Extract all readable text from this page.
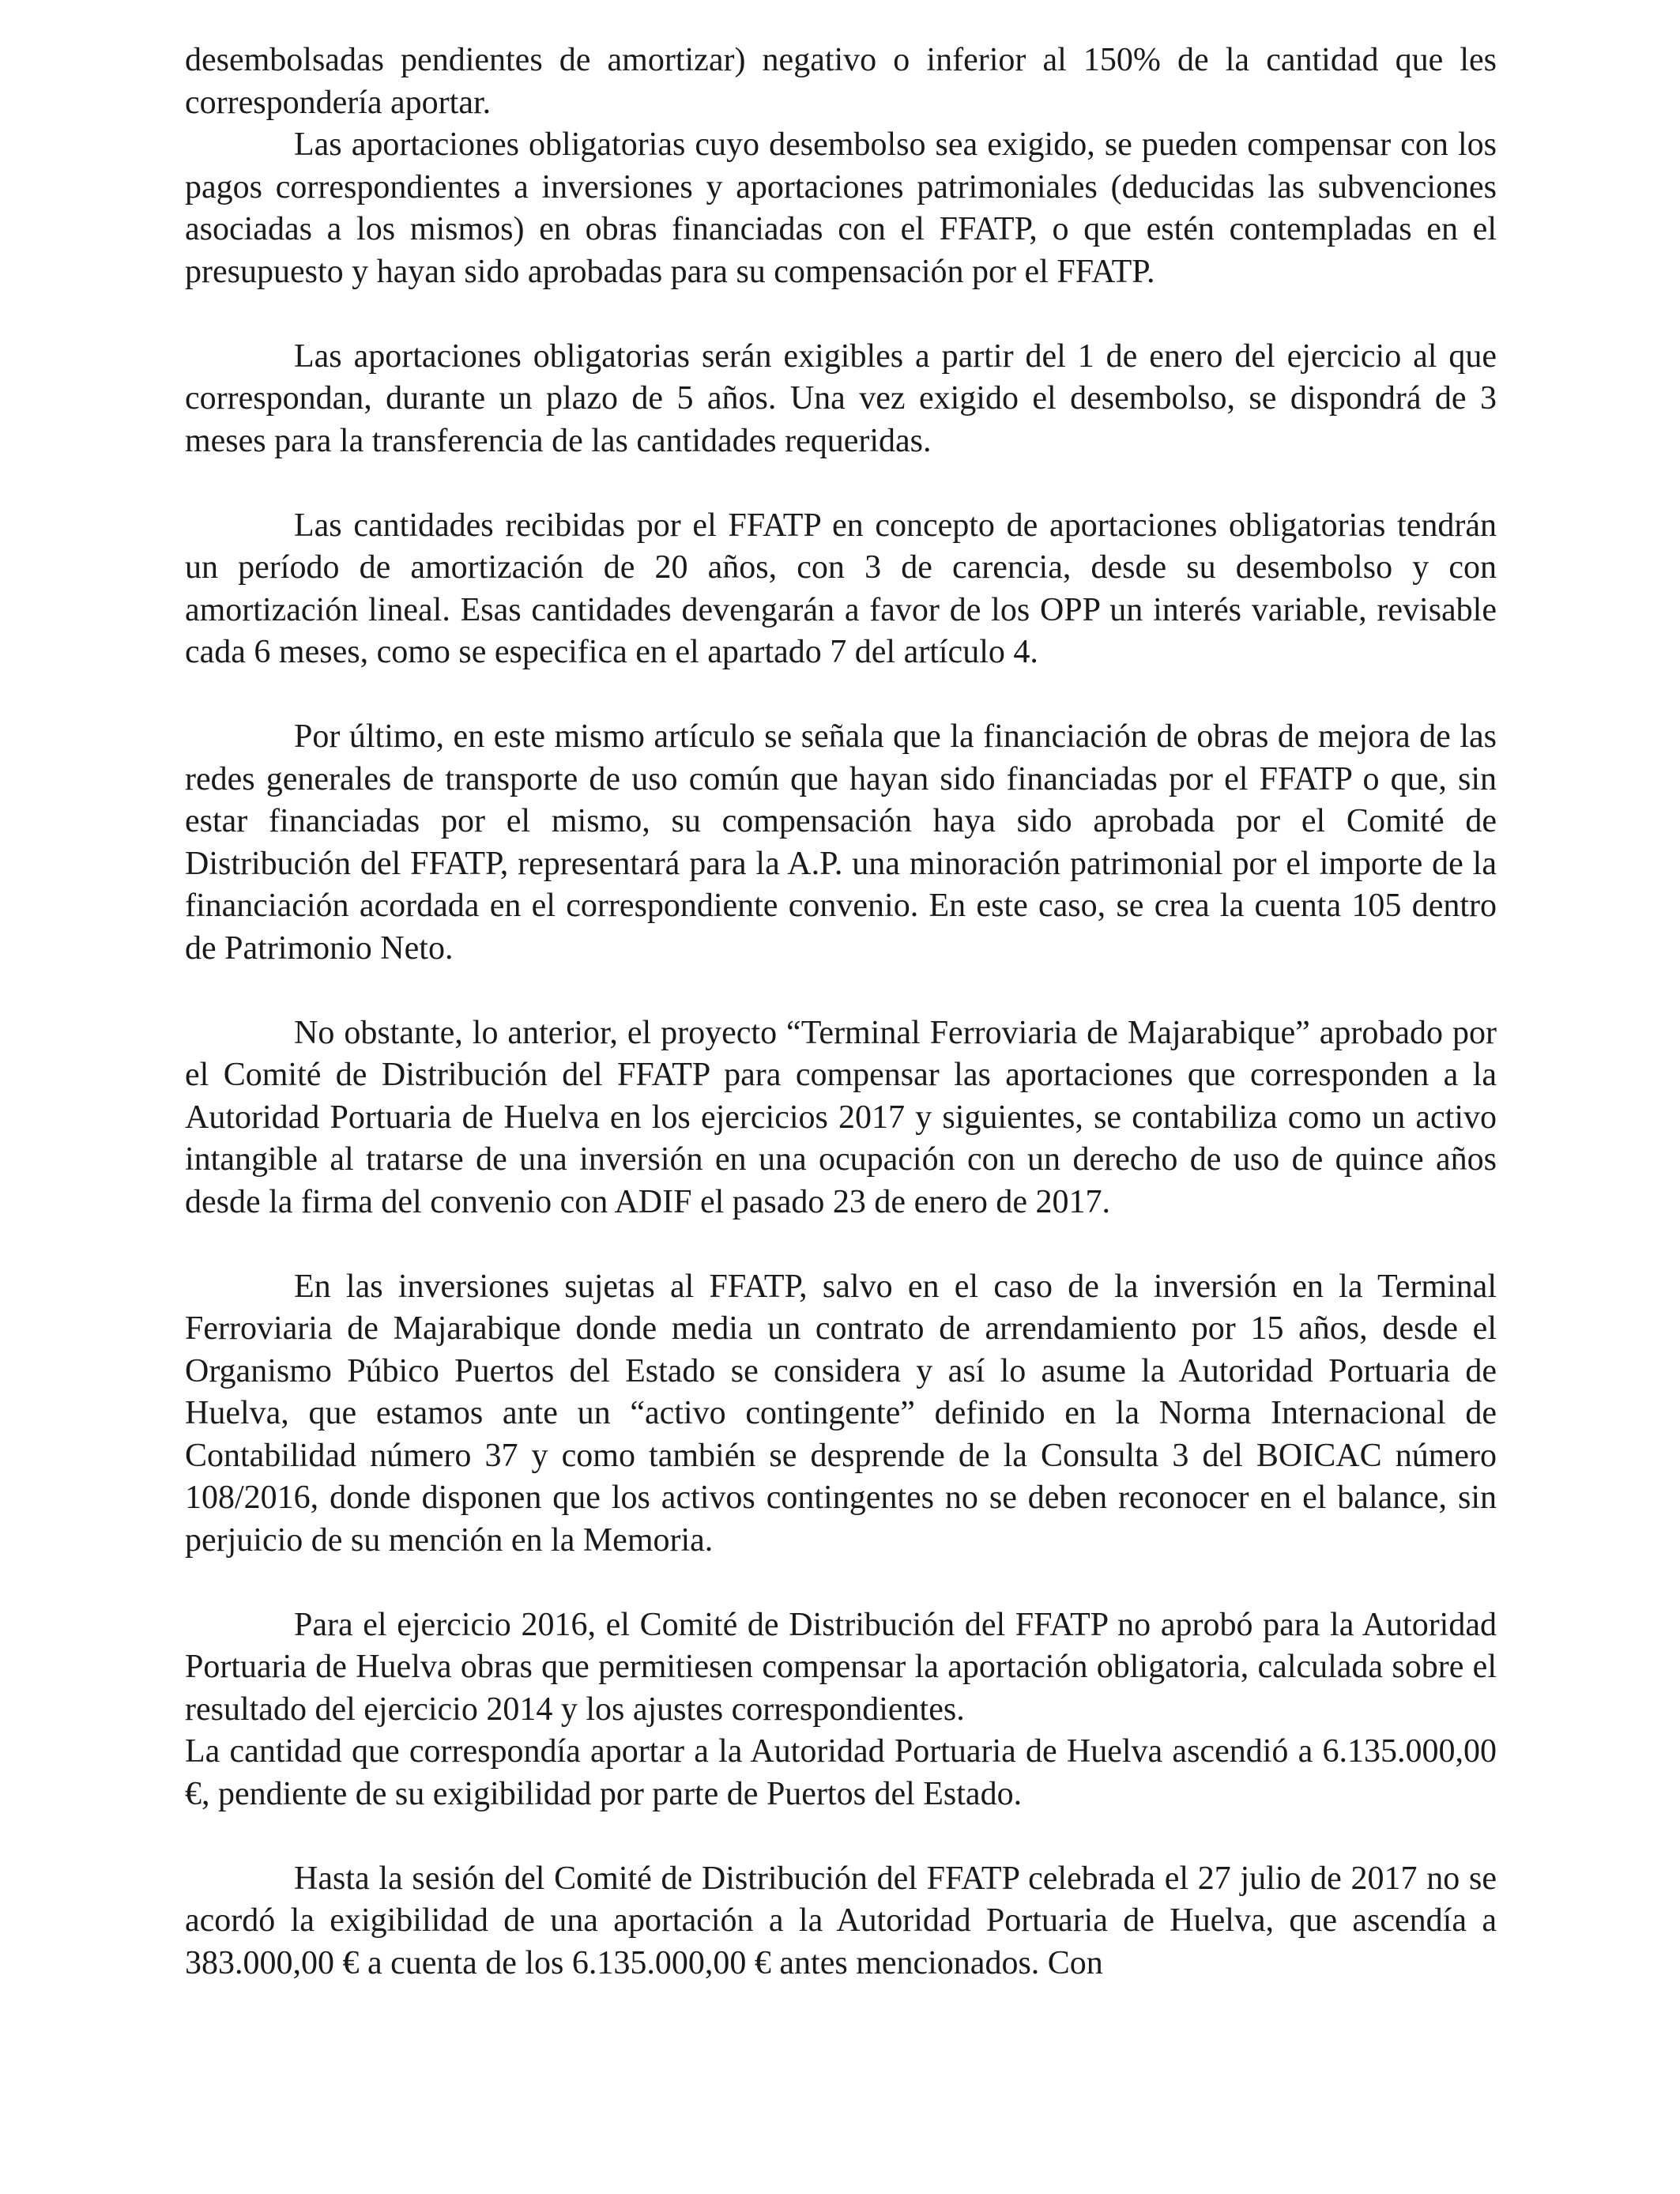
desembolsadas pendientes de amortizar) negativo o inferior al 150% de la cantidad que les correspondería aportar.

Las aportaciones obligatorias cuyo desembolso sea exigido, se pueden compensar con los pagos correspondientes a inversiones y aportaciones patrimoniales (deducidas las subvenciones asociadas a los mismos) en obras financiadas con el FFATP, o que estén contempladas en el presupuesto y hayan sido aprobadas para su compensación por el FFATP.

Las aportaciones obligatorias serán exigibles a partir del 1 de enero del ejercicio al que correspondan, durante un plazo de 5 años. Una vez exigido el desembolso, se dispondrá de 3 meses para la transferencia de las cantidades requeridas.

Las cantidades recibidas por el FFATP en concepto de aportaciones obligatorias tendrán un período de amortización de 20 años, con 3 de carencia, desde su desembolso y con amortización lineal. Esas cantidades devengarán a favor de los OPP un interés variable, revisable cada 6 meses, como se especifica en el apartado 7 del artículo 4.

Por último, en este mismo artículo se señala que la financiación de obras de mejora de las redes generales de transporte de uso común que hayan sido financiadas por el FFATP o que, sin estar financiadas por el mismo, su compensación haya sido aprobada por el Comité de Distribución del FFATP, representará para la A.P. una minoración patrimonial por el importe de la financiación acordada en el correspondiente convenio. En este caso, se crea la cuenta 105 dentro de Patrimonio Neto.

No obstante, lo anterior, el proyecto “Terminal Ferroviaria de Majarabique” aprobado por el Comité de Distribución del FFATP para compensar las aportaciones que corresponden a la Autoridad Portuaria de Huelva en los ejercicios 2017 y siguientes, se contabiliza como un activo intangible al tratarse de una inversión en una ocupación con un derecho de uso de quince años desde la firma del convenio con ADIF el pasado 23 de enero de 2017.

En las inversiones sujetas al FFATP, salvo en el caso de la inversión en la Terminal Ferroviaria de Majarabique donde media un contrato de arrendamiento por 15 años, desde el Organismo Púbico Puertos del Estado se considera y así lo asume la Autoridad Portuaria de Huelva, que estamos ante un “activo contingente” definido en la Norma Internacional de Contabilidad número 37 y como también se desprende de la Consulta 3 del BOICAC número 108/2016, donde disponen que los activos contingentes no se deben reconocer en el balance, sin perjuicio de su mención en la Memoria.

Para el ejercicio 2016, el Comité de Distribución del FFATP no aprobó para la Autoridad Portuaria de Huelva obras que permitiesen compensar la aportación obligatoria, calculada sobre el resultado del ejercicio 2014 y los ajustes correspondientes.

La cantidad que correspondía aportar a la Autoridad Portuaria de Huelva ascendió a 6.135.000,00 €, pendiente de su exigibilidad por parte de Puertos del Estado.

Hasta la sesión del Comité de Distribución del FFATP celebrada el 27 julio de 2017 no se acordó la exigibilidad de una aportación a la Autoridad Portuaria de Huelva, que ascendía a 383.000,00 € a cuenta de los 6.135.000,00 € antes mencionados. Con
